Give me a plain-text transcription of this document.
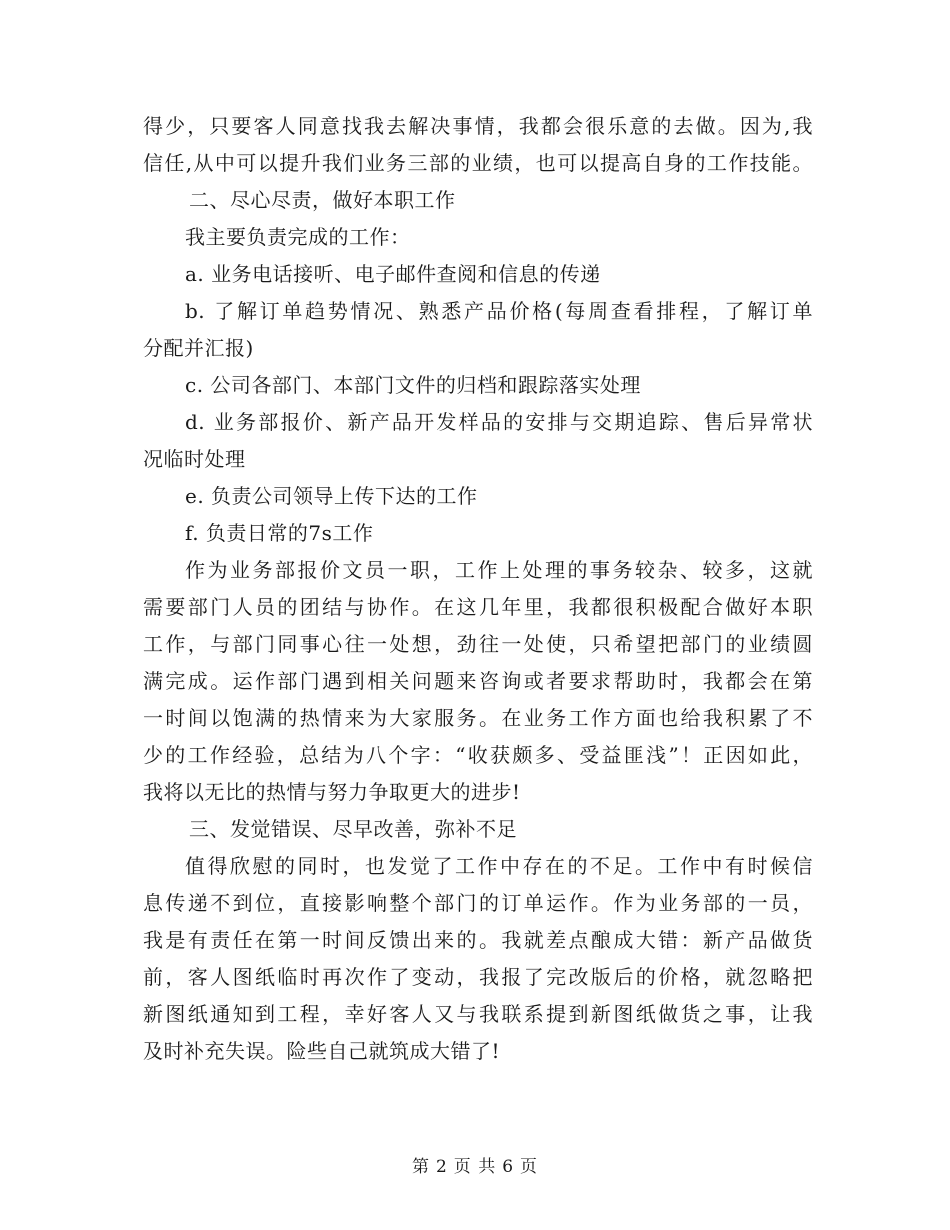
得少，只要客人同意找我去解决事情，我都会很乐意的去做。因为,我
信任,从中可以提升我们业务三部的业绩，也可以提高自身的工作技能。
二、尽心尽责，做好本职工作
我主要负责完成的工作：
a. 业务电话接听、电子邮件查阅和信息的传递
b. 了解订单趋势情况、熟悉产品价格(每周查看排程，了解订单
分配并汇报)
c. 公司各部门、本部门文件的归档和跟踪落实处理
d. 业务部报价、新产品开发样品的安排与交期追踪、售后异常状
况临时处理
e. 负责公司领导上传下达的工作
f. 负责日常的7s工作
作为业务部报价文员一职，工作上处理的事务较杂、较多，这就
需要部门人员的团结与协作。在这几年里，我都很积极配合做好本职
工作，与部门同事心往一处想，劲往一处使，只希望把部门的业绩圆
满完成。运作部门遇到相关问题来咨询或者要求帮助时，我都会在第
一时间以饱满的热情来为大家服务。在业务工作方面也给我积累了不
少的工作经验，总结为八个字：“收获颇多、受益匪浅”！正因如此，
我将以无比的热情与努力争取更大的进步!
三、发觉错误、尽早改善，弥补不足
值得欣慰的同时，也发觉了工作中存在的不足。工作中有时候信
息传递不到位，直接影响整个部门的订单运作。作为业务部的一员，
我是有责任在第一时间反馈出来的。我就差点酿成大错：新产品做货
前，客人图纸临时再次作了变动，我报了完改版后的价格，就忽略把
新图纸通知到工程，幸好客人又与我联系提到新图纸做货之事，让我
及时补充失误。险些自己就筑成大错了!
第 2 页 共 6 页
